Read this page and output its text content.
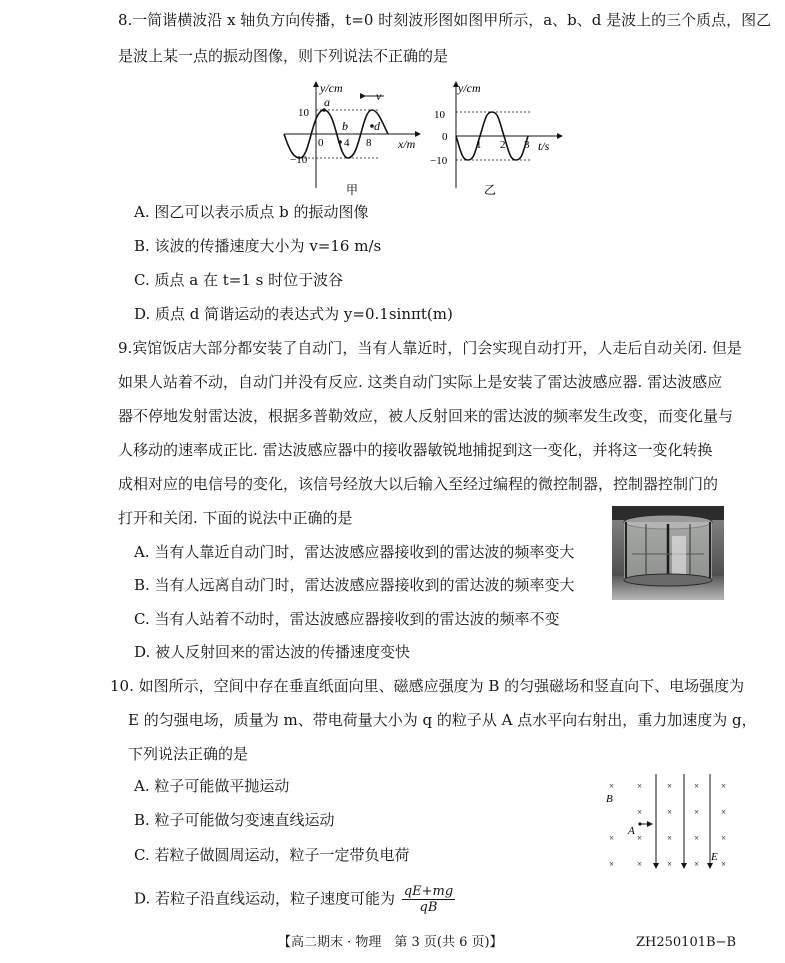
8.一简谐横波沿 x 轴负方向传播，t=0 时刻波形图如图甲所示，a、b、d 是波上的三个质点，图乙
是波上某一点的振动图像，则下列说法不正确的是
y/cm
x/m
v
10
−10
0 4 8
a
b d
甲
y/cm
t/s
10
0
−10
1 2 3
乙
A. 图乙可以表示质点 b 的振动图像
B. 该波的传播速度大小为 v=16 m/s
C. 质点 a 在 t=1 s 时位于波谷
D. 质点 d 简谐运动的表达式为 y=0.1sinπt(m)
9.宾馆饭店大部分都安装了自动门，当有人靠近时，门会实现自动打开，人走后自动关闭. 但是
如果人站着不动，自动门并没有反应. 这类自动门实际上是安装了雷达波感应器. 雷达波感应
器不停地发射雷达波，根据多普勒效应，被人反射回来的雷达波的频率发生改变，而变化量与
人移动的速率成正比. 雷达波感应器中的接收器敏锐地捕捉到这一变化，并将这一变化转换
成相对应的电信号的变化，该信号经放大以后输入至经过编程的微控制器，控制器控制门的
打开和关闭. 下面的说法中正确的是
A. 当有人靠近自动门时，雷达波感应器接收到的雷达波的频率变大
B. 当有人远离自动门时，雷达波感应器接收到的雷达波的频率变大
C. 当有人站着不动时，雷达波感应器接收到的雷达波的频率不变
D. 被人反射回来的雷达波的传播速度变快
10. 如图所示，空间中存在垂直纸面向里、磁感应强度为 B 的匀强磁场和竖直向下、电场强度为
E 的匀强电场，质量为 m、带电荷量大小为 q 的粒子从 A 点水平向右射出，重力加速度为 g，
下列说法正确的是
×	×	× × ×
×	× × ×
×	×	× × ×
×	×	× × ×
B
A
E
A. 粒子可能做平抛运动
B. 粒子可能做匀变速直线运动
C. 若粒子做圆周运动，粒子一定带负电荷
D. 若粒子沿直线运动，粒子速度可能为 $\frac{qE+mg}{qB}$
【高二期末 · 物理　第 3 页(共 6 页)】	ZH250101B−B
